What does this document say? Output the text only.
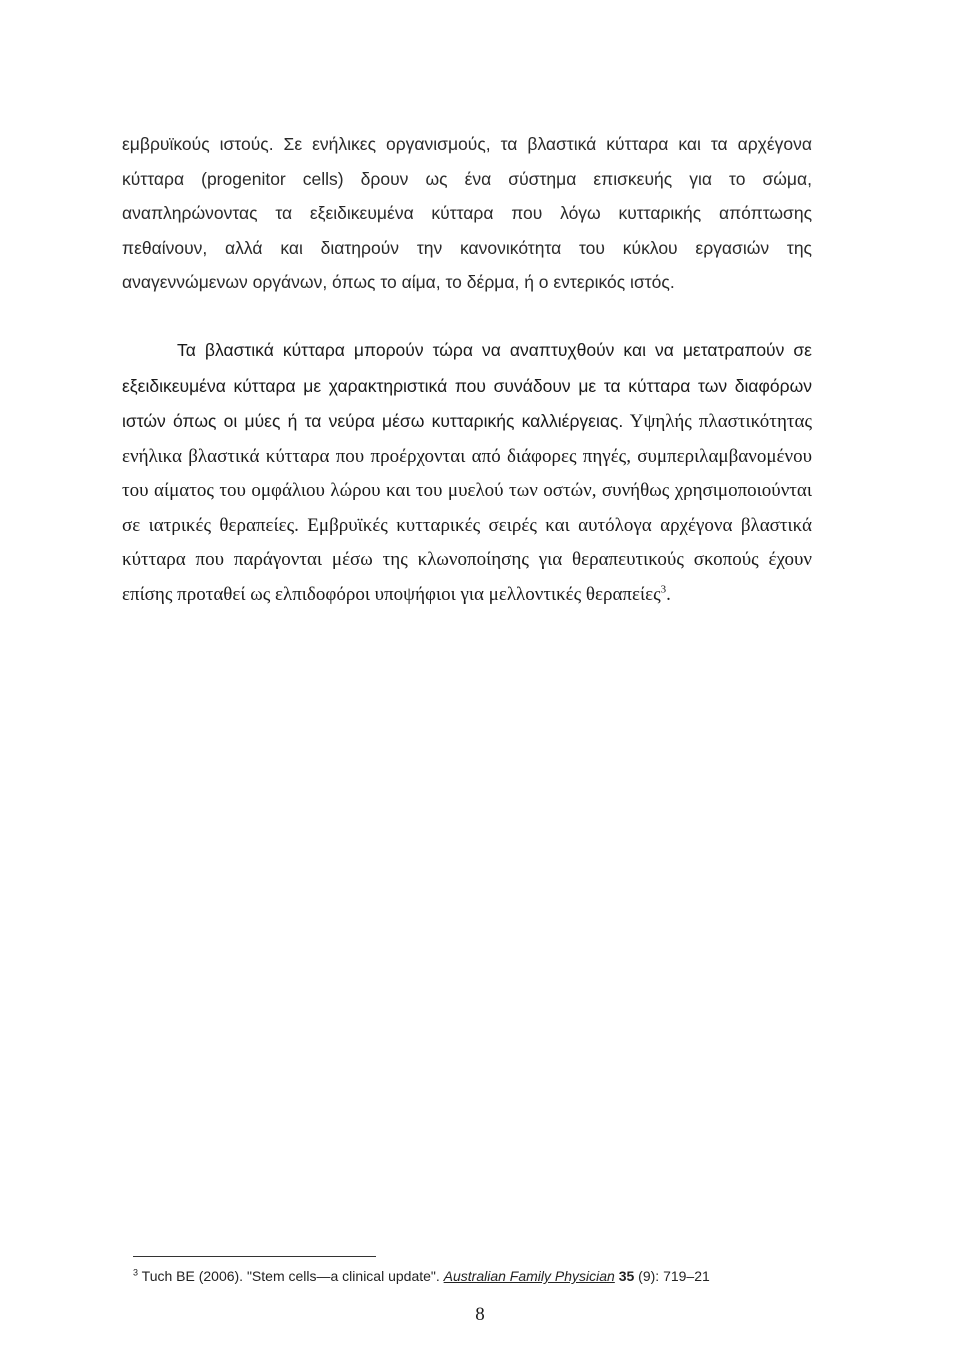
εμβρυϊκούς ιστούς. Σε ενήλικες οργανισμούς, τα βλαστικά κύτταρα και τα αρχέγονα κύτταρα (progenitor cells) δρουν ως ένα σύστημα επισκευής για το σώμα, αναπληρώνοντας τα εξειδικευμένα κύτταρα που λόγω κυτταρικής απόπτωσης πεθαίνουν, αλλά και διατηρούν την κανονικότητα του κύκλου εργασιών της αναγεννώμενων οργάνων, όπως το αίμα, το δέρμα, ή ο εντερικός ιστός.

Τα βλαστικά κύτταρα μπορούν τώρα να αναπτυχθούν και να μετατραπούν σε εξειδικευμένα κύτταρα με χαρακτηριστικά που συνάδουν με τα κύτταρα των διαφόρων ιστών όπως οι μύες ή τα νεύρα μέσω κυτταρικής καλλιέργειας. Υψηλής πλαστικότητας ενήλικα βλαστικά κύτταρα που προέρχονται από διάφορες πηγές, συμπεριλαμβανομένου του αίματος του ομφάλιου λώρου και του μυελού των οστών, συνήθως χρησιμοποιούνται σε ιατρικές θεραπείες. Εμβρυϊκές κυτταρικές σειρές και αυτόλογα αρχέγονα βλαστικά κύτταρα που παράγονται μέσω της κλωνοποίησης για θεραπευτικούς σκοπούς έχουν επίσης προταθεί ως ελπιδοφόροι υποψήφιοι για μελλοντικές θεραπείες$^3$.

$^3$ Tuch BE (2006). "Stem cells—a clinical update". Australian Family Physician 35 (9): 719–21

8
